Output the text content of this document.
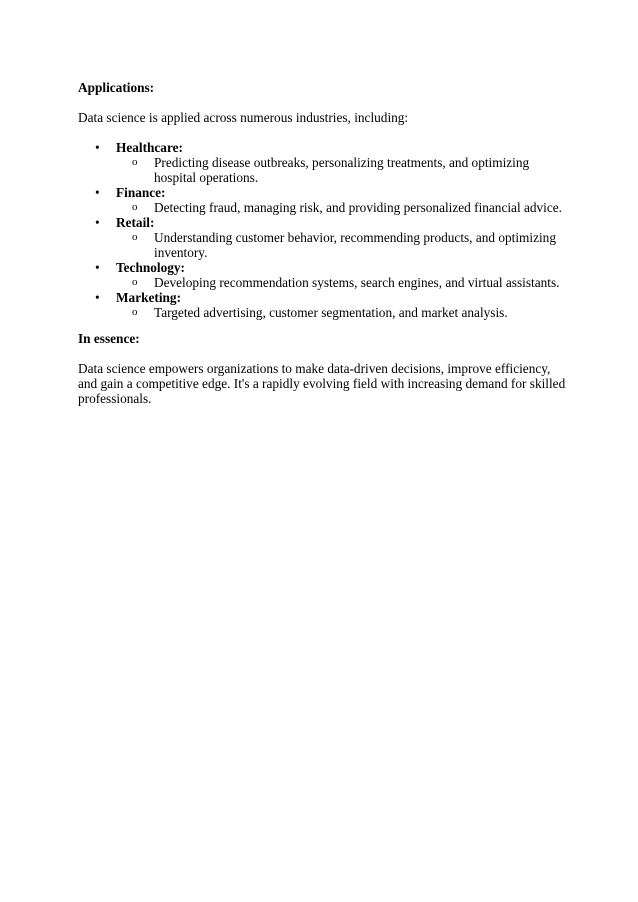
Applications:

Data science is applied across numerous industries, including:

• Healthcare:
o Predicting disease outbreaks, personalizing treatments, and optimizing hospital operations.
• Finance:
o Detecting fraud, managing risk, and providing personalized financial advice.
• Retail:
o Understanding customer behavior, recommending products, and optimizing inventory.
• Technology:
o Developing recommendation systems, search engines, and virtual assistants.
• Marketing:
o Targeted advertising, customer segmentation, and market analysis.

In essence:

Data science empowers organizations to make data-driven decisions, improve efficiency, and gain a competitive edge. It's a rapidly evolving field with increasing demand for skilled professionals.
